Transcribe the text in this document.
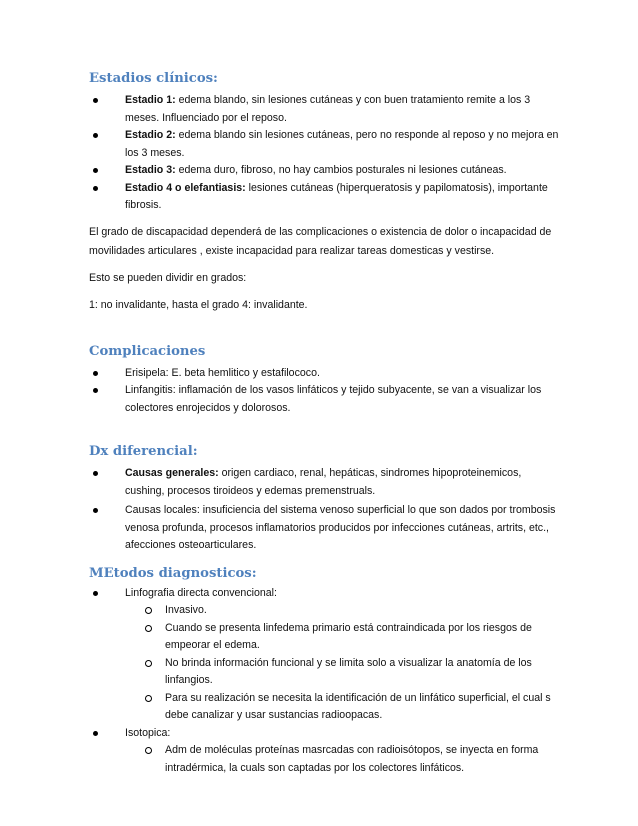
Estadios clínicos:
Estadio 1: edema blando, sin lesiones cutáneas y con buen tratamiento remite a los 3 meses. Influenciado por el reposo.
Estadio 2: edema blando sin lesiones cutáneas, pero no responde al reposo y no mejora en los 3 meses.
Estadio 3: edema duro, fibroso, no hay cambios posturales ni lesiones cutáneas.
Estadio 4 o elefantiasis: lesiones cutáneas (hiperqueratosis y papilomatosis), importante fibrosis.

El grado de discapacidad dependerá de las complicaciones o existencia de dolor o incapacidad de movilidades articulares , existe incapacidad para realizar tareas domesticas y vestirse.

Esto se pueden dividir en grados:

1: no invalidante, hasta el grado 4: invalidante.

Complicaciones
Erisipela: E. beta hemlitico y estafilococo.
Linfangitis: inflamación de los vasos linfáticos y tejido subyacente, se van a visualizar los colectores enrojecidos y dolorosos.
Dx diferencial:
Causas generales: origen cardiaco, renal, hepáticas, sindromes hipoproteinemicos, cushing, procesos tiroideos y edemas premenstruals.
Causas locales: insuficiencia del sistema venoso superficial lo que son dados por trombosis venosa profunda, procesos inflamatorios producidos por infecciones cutáneas, artrits, etc., afecciones osteoarticulares.
MEtodos diagnosticos:
Linfografia directa convencional:
Invasivo.
Cuando se presenta linfedema primario está contraindicada por los riesgos de empeorar el edema.
No brinda información funcional y se limita solo a visualizar la anatomía de los linfangios.
Para su realización se necesita la identificación de un linfático superficial, el cual s debe canalizar y usar sustancias radioopacas.
Isotopica:
Adm de moléculas proteínas masrcadas con radioisótopos, se inyecta en forma intradérmica, la cuals son captadas por los colectores linfáticos.
